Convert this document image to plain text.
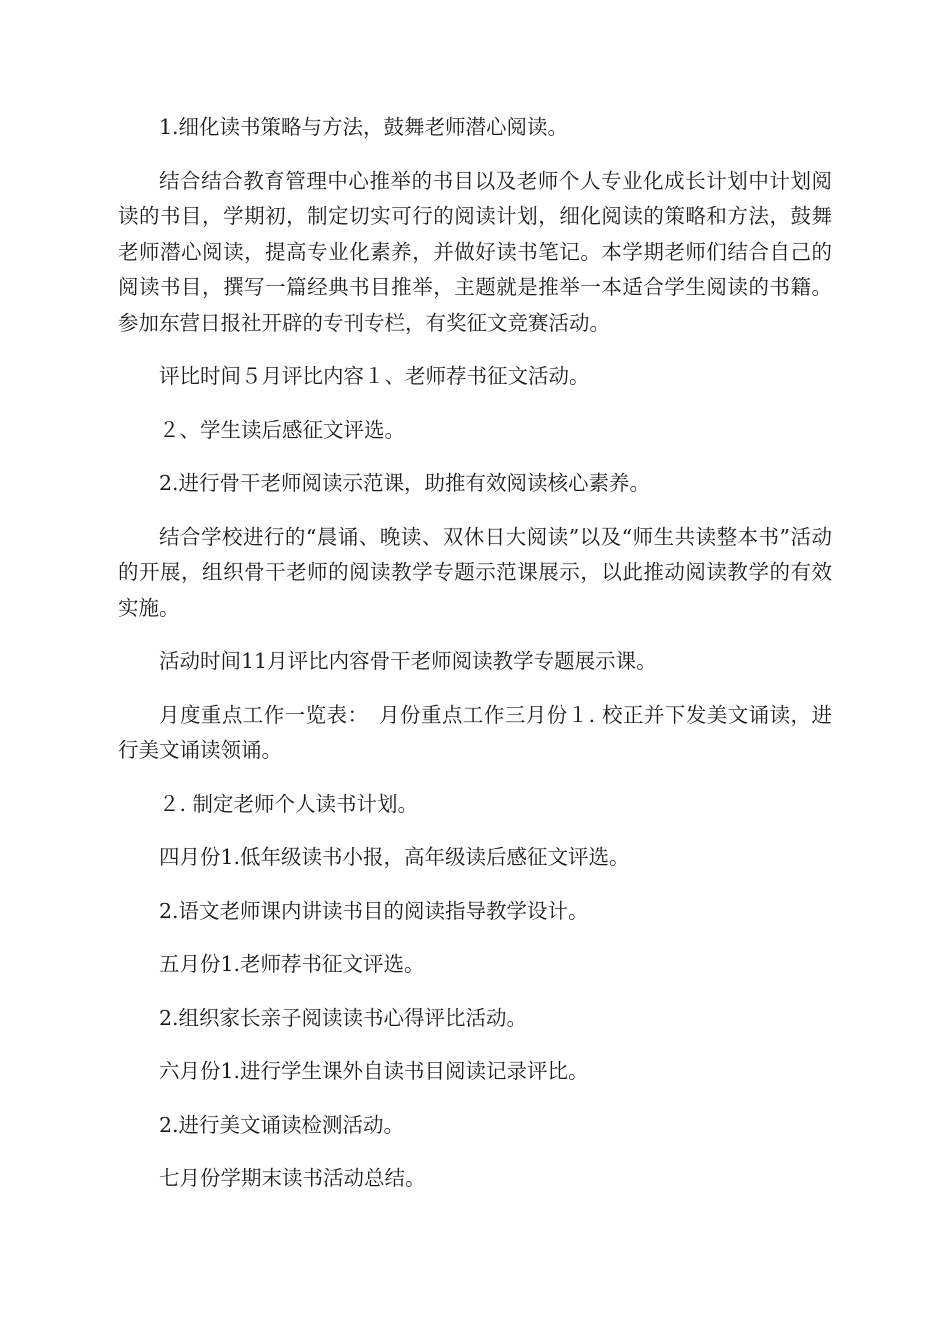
1.细化读书策略与方法，鼓舞老师潜心阅读。

结合结合教育管理中心推举的书目以及老师个人专业化成长计划中计划阅读的书目，学期初，制定切实可行的阅读计划，细化阅读的策略和方法，鼓舞老师潜心阅读，提高专业化素养，并做好读书笔记。本学期老师们结合自己的阅读书目，撰写一篇经典书目推举，主题就是推举一本适合学生阅读的书籍。参加东营日报社开辟的专刊专栏，有奖征文竞赛活动。

评比时间５月评比内容１、老师荐书征文活动。

２、学生读后感征文评选。

2.进行骨干老师阅读示范课，助推有效阅读核心素养。

结合学校进行的“晨诵、晚读、双休日大阅读”以及“师生共读整本书”活动的开展，组织骨干老师的阅读教学专题示范课展示，以此推动阅读教学的有效实施。

活动时间11月评比内容骨干老师阅读教学专题展示课。

月度重点工作一览表：　月份重点工作三月份１. 校正并下发美文诵读，进行美文诵读领诵。

２. 制定老师个人读书计划。

四月份1.低年级读书小报，高年级读后感征文评选。

2.语文老师课内讲读书目的阅读指导教学设计。

五月份1.老师荐书征文评选。

2.组织家长亲子阅读读书心得评比活动。

六月份1.进行学生课外自读书目阅读记录评比。

2.进行美文诵读检测活动。

七月份学期末读书活动总结。
